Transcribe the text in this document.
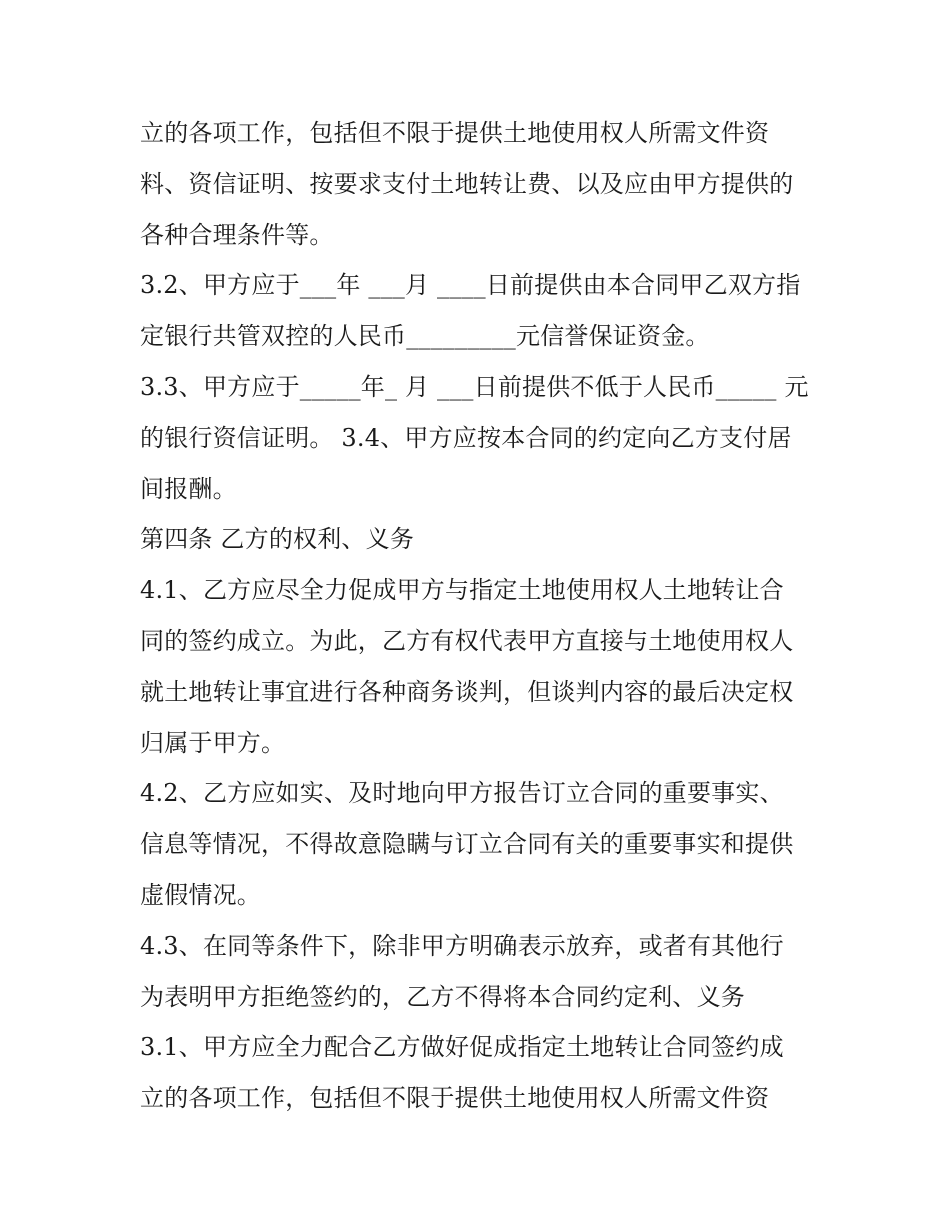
立的各项工作，包括但不限于提供土地使用权人所需文件资
料、资信证明、按要求支付土地转让费、以及应由甲方提供的
各种合理条件等。
3.2、甲方应于___年 ___月 ____日前提供由本合同甲乙双方指
定银行共管双控的人民币_________元信誉保证资金。
3.3、甲方应于_____年_ 月 ___日前提供不低于人民币_____ 元
的银行资信证明。 3.4、甲方应按本合同的约定向乙方支付居
间报酬。
第四条 乙方的权利、义务
4.1、乙方应尽全力促成甲方与指定土地使用权人土地转让合
同的签约成立。为此，乙方有权代表甲方直接与土地使用权人
就土地转让事宜进行各种商务谈判，但谈判内容的最后决定权
归属于甲方。
4.2、乙方应如实、及时地向甲方报告订立合同的重要事实、
信息等情况，不得故意隐瞒与订立合同有关的重要事实和提供
虚假情况。
4.3、在同等条件下，除非甲方明确表示放弃，或者有其他行
为表明甲方拒绝签约的，乙方不得将本合同约定利、义务
3.1、甲方应全力配合乙方做好促成指定土地转让合同签约成
立的各项工作，包括但不限于提供土地使用权人所需文件资
